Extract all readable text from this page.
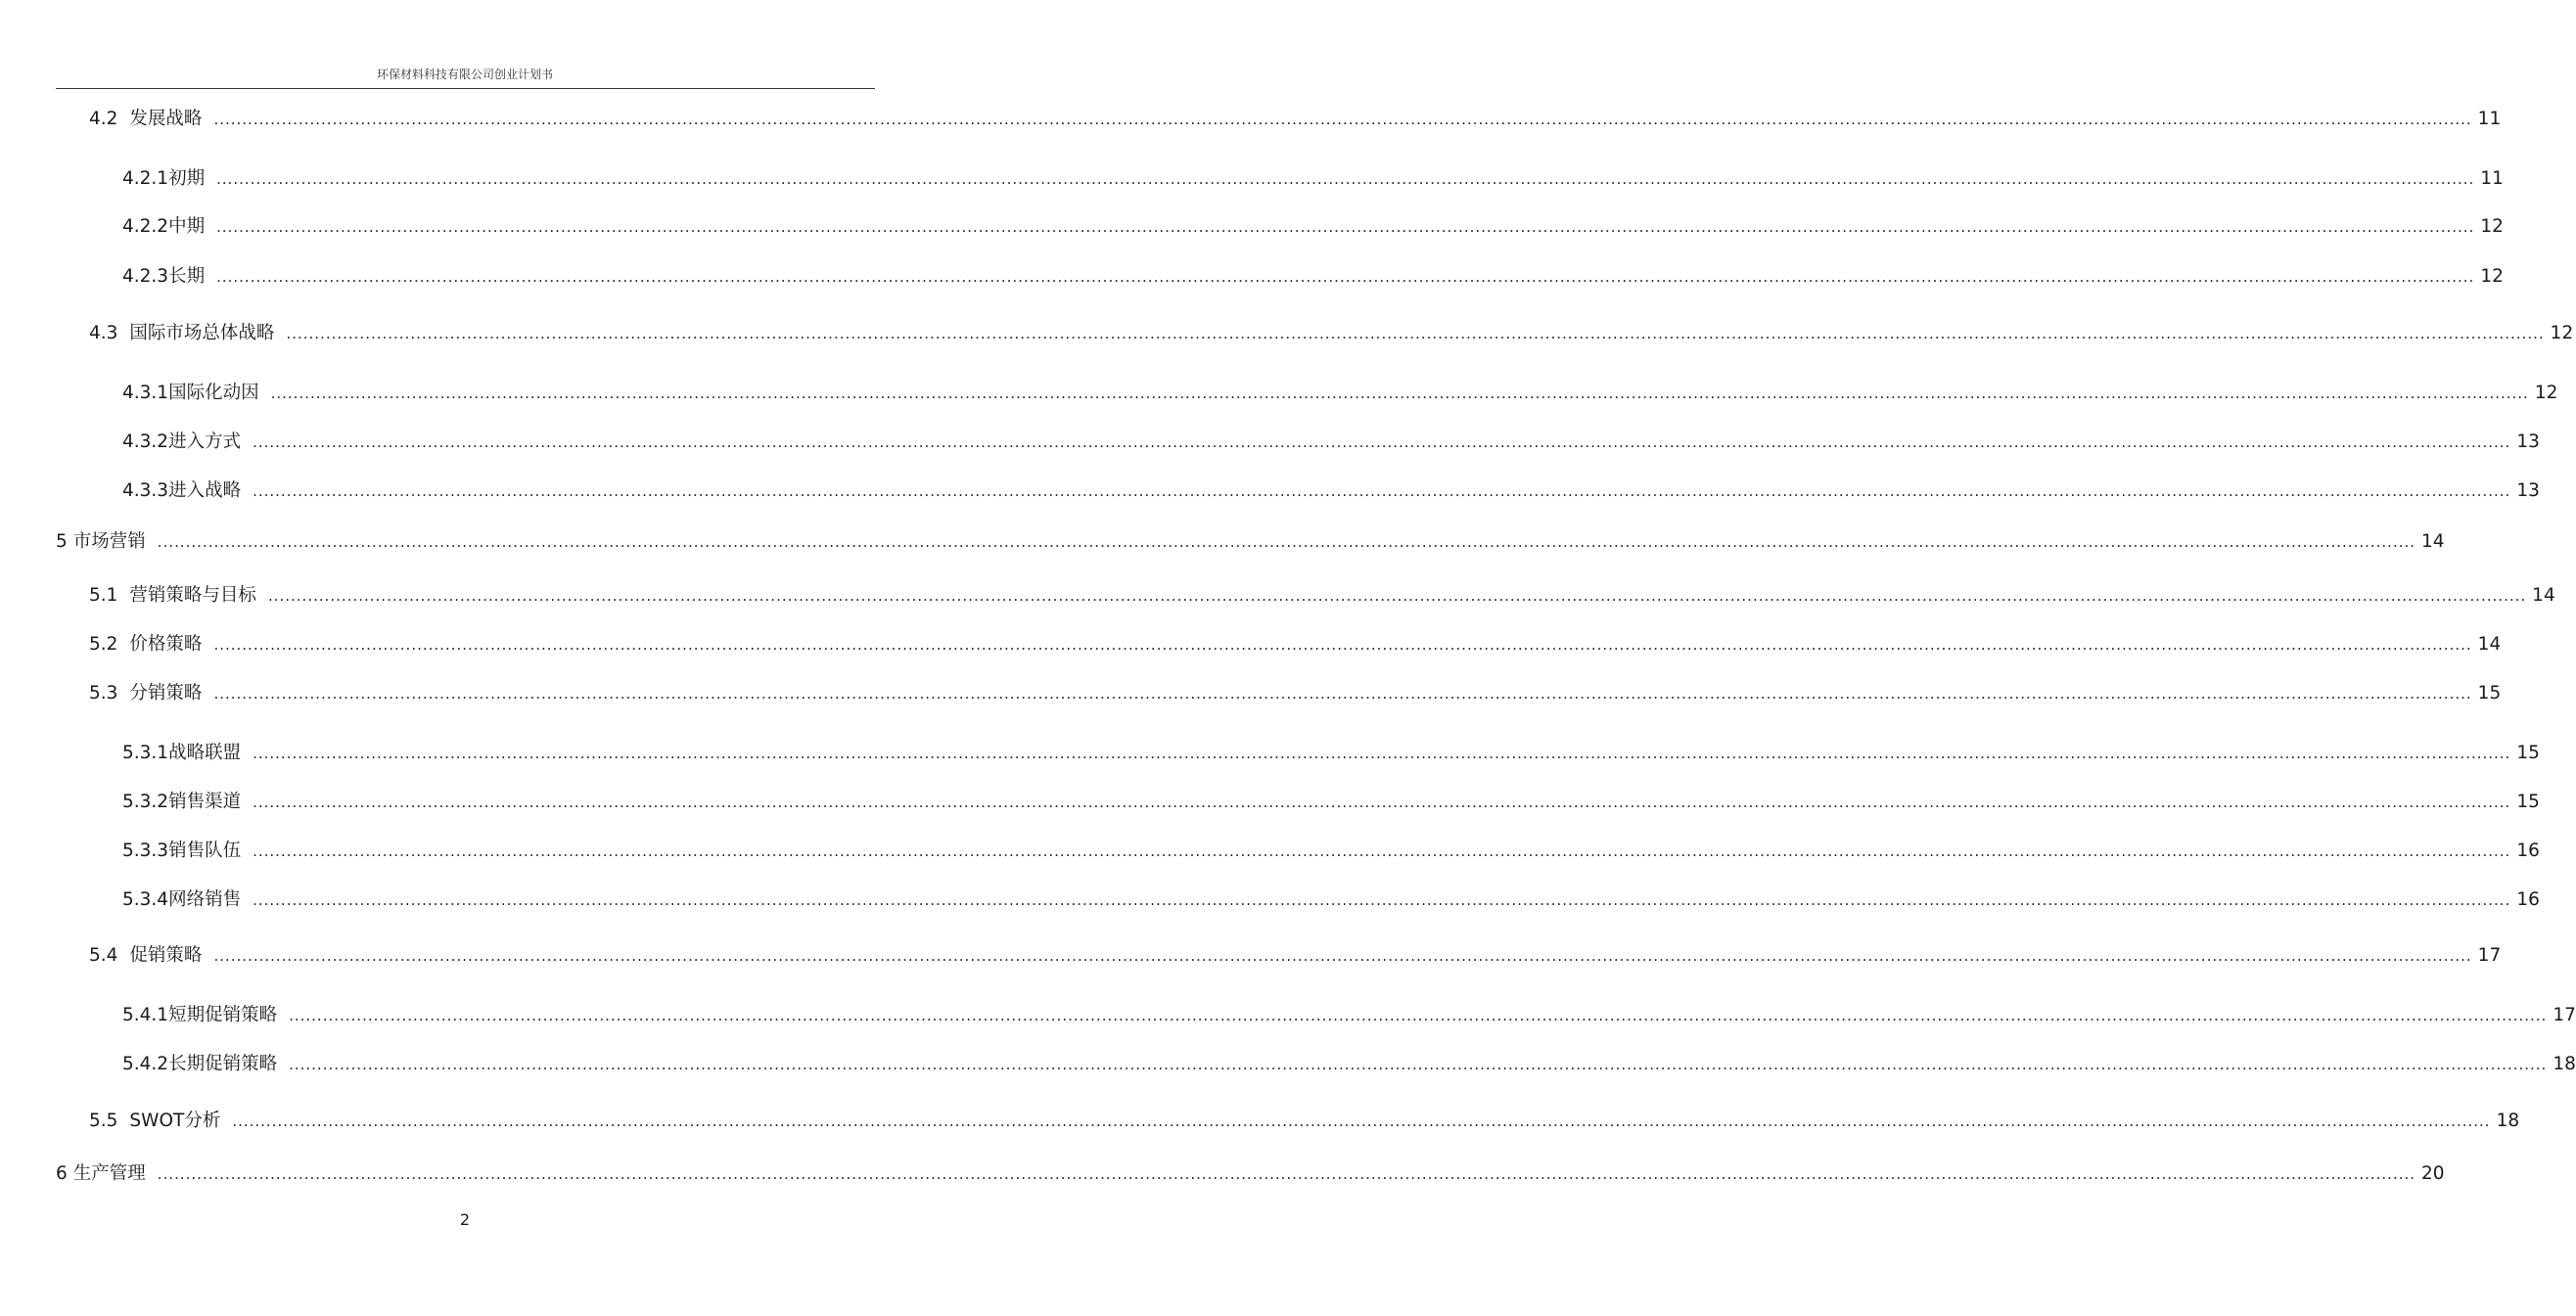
环保材料科技有限公司创业计划书
4.2 发展战略 ................................................................................................................................................................................................................................................................................................................................................................................................................ 11
4.2.1 初期 ................................................................................................................................................................................................................................................................................................................................................................................................................ 11
4.2.2 中期 ................................................................................................................................................................................................................................................................................................................................................................................................................ 12
4.2.3 长期 ................................................................................................................................................................................................................................................................................................................................................................................................................ 12
4.3 国际市场总体战略 ................................................................................................................................................................................................................................................................................................................................................................................................................ 12
4.3.1 国际化动因 ................................................................................................................................................................................................................................................................................................................................................................................................................ 12
4.3.2 进入方式 ................................................................................................................................................................................................................................................................................................................................................................................................................ 13
4.3.3 进入战略 ................................................................................................................................................................................................................................................................................................................................................................................................................ 13
5 市场营销 ................................................................................................................................................................................................................................................................................................................................................................................................................ 14
5.1 营销策略与目标 ................................................................................................................................................................................................................................................................................................................................................................................................................ 14
5.2 价格策略 ................................................................................................................................................................................................................................................................................................................................................................................................................ 14
5.3 分销策略 ................................................................................................................................................................................................................................................................................................................................................................................................................ 15
5.3.1 战略联盟 ................................................................................................................................................................................................................................................................................................................................................................................................................ 15
5.3.2 销售渠道 ................................................................................................................................................................................................................................................................................................................................................................................................................ 15
5.3.3 销售队伍 ................................................................................................................................................................................................................................................................................................................................................................................................................ 16
5.3.4 网络销售 ................................................................................................................................................................................................................................................................................................................................................................................................................ 16
5.4 促销策略 ................................................................................................................................................................................................................................................................................................................................................................................................................ 17
5.4.1 短期促销策略 ................................................................................................................................................................................................................................................................................................................................................................................................................ 17
5.4.2 长期促销策略 ................................................................................................................................................................................................................................................................................................................................................................................................................ 18
5.5 SWOT分析 ................................................................................................................................................................................................................................................................................................................................................................................................................ 18
6 生产管理 ................................................................................................................................................................................................................................................................................................................................................................................................................ 20
2
